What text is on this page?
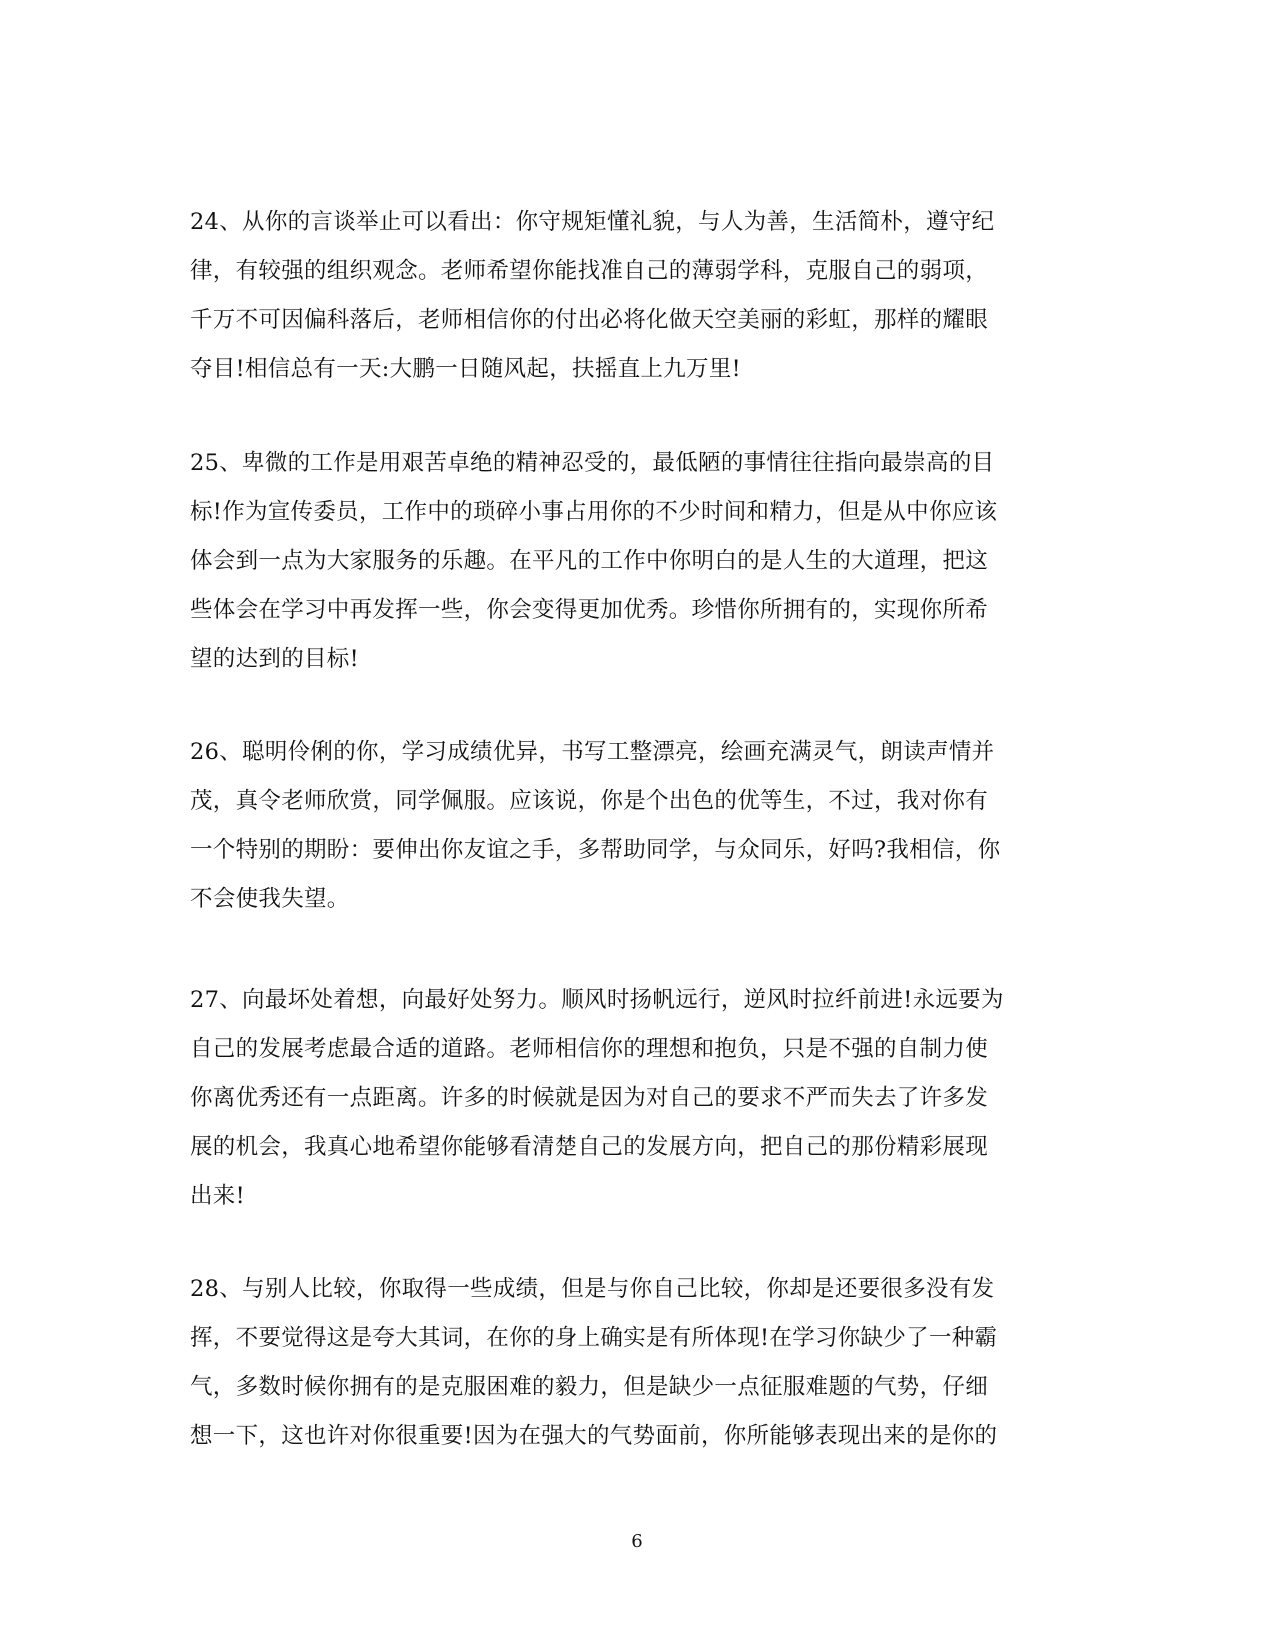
24、从你的言谈举止可以看出：你守规矩懂礼貌，与人为善，生活简朴，遵守纪
律，有较强的组织观念。老师希望你能找准自己的薄弱学科，克服自己的弱项，
千万不可因偏科落后，老师相信你的付出必将化做天空美丽的彩虹，那样的耀眼
夺目!相信总有一天:大鹏一日随风起，扶摇直上九万里!
25、卑微的工作是用艰苦卓绝的精神忍受的，最低陋的事情往往指向最崇高的目
标!作为宣传委员，工作中的琐碎小事占用你的不少时间和精力，但是从中你应该
体会到一点为大家服务的乐趣。在平凡的工作中你明白的是人生的大道理，把这
些体会在学习中再发挥一些，你会变得更加优秀。珍惜你所拥有的，实现你所希
望的达到的目标!
26、聪明伶俐的你，学习成绩优异，书写工整漂亮，绘画充满灵气，朗读声情并
茂，真令老师欣赏，同学佩服。应该说，你是个出色的优等生，不过，我对你有
一个特别的期盼：要伸出你友谊之手，多帮助同学，与众同乐，好吗?我相信，你
不会使我失望。
27、向最坏处着想，向最好处努力。顺风时扬帆远行，逆风时拉纤前进!永远要为
自己的发展考虑最合适的道路。老师相信你的理想和抱负，只是不强的自制力使
你离优秀还有一点距离。许多的时候就是因为对自己的要求不严而失去了许多发
展的机会，我真心地希望你能够看清楚自己的发展方向，把自己的那份精彩展现
出来!
28、与别人比较，你取得一些成绩，但是与你自己比较，你却是还要很多没有发
挥，不要觉得这是夸大其词，在你的身上确实是有所体现!在学习你缺少了一种霸
气，多数时候你拥有的是克服困难的毅力，但是缺少一点征服难题的气势，仔细
想一下，这也许对你很重要!因为在强大的气势面前，你所能够表现出来的是你的
6
